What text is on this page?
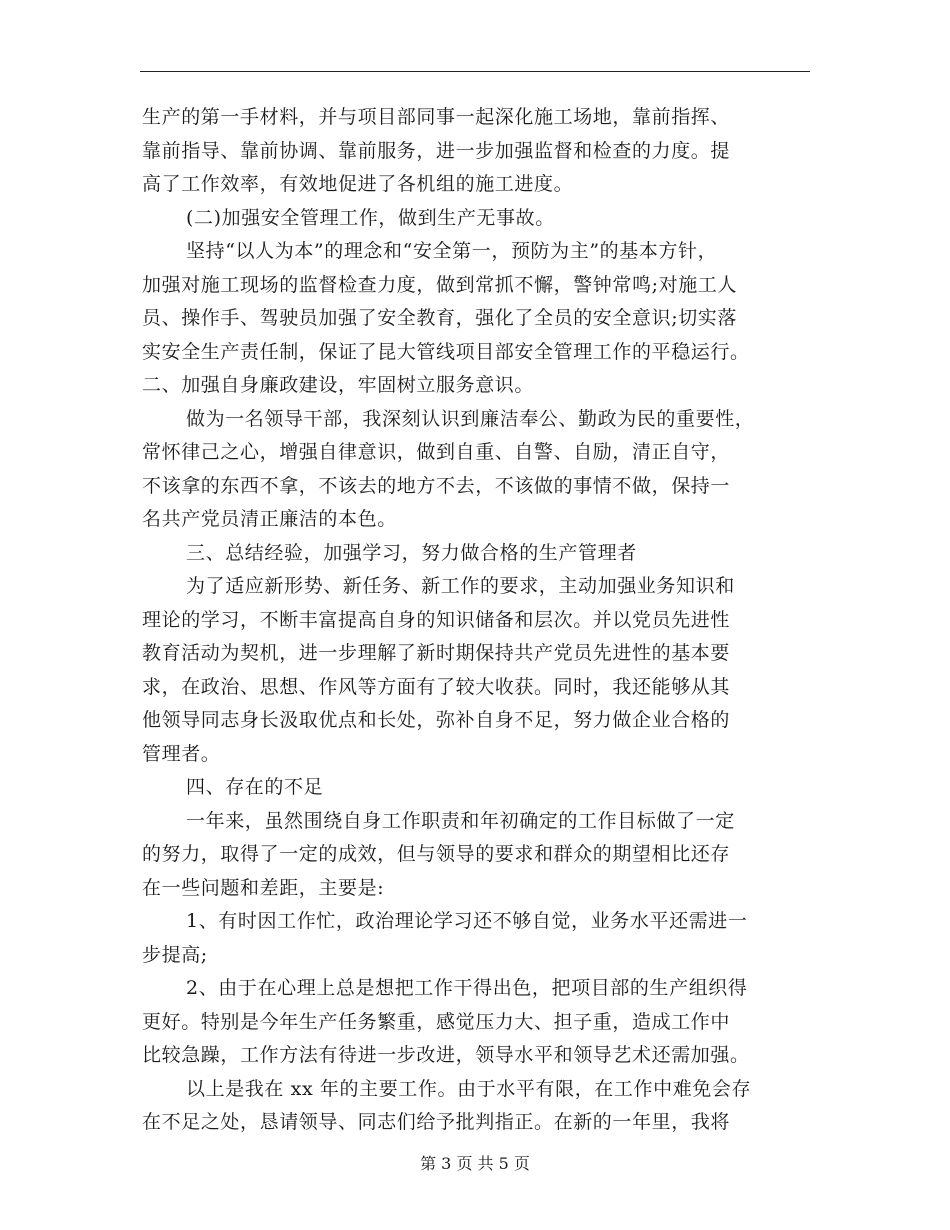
生产的第一手材料，并与项目部同事一起深化施工场地，靠前指挥、
靠前指导、靠前协调、靠前服务，进一步加强监督和检查的力度。提
高了工作效率，有效地促进了各机组的施工进度。
(二)加强安全管理工作，做到生产无事故。
坚持“以人为本”的理念和“安全第一，预防为主”的基本方针，
加强对施工现场的监督检查力度，做到常抓不懈，警钟常鸣;对施工人
员、操作手、驾驶员加强了安全教育，强化了全员的安全意识;切实落
实安全生产责任制，保证了昆大管线项目部安全管理工作的平稳运行。
二、加强自身廉政建设，牢固树立服务意识。
做为一名领导干部，我深刻认识到廉洁奉公、勤政为民的重要性，
常怀律己之心，增强自律意识，做到自重、自警、自励，清正自守，
不该拿的东西不拿，不该去的地方不去，不该做的事情不做，保持一
名共产党员清正廉洁的本色。
三、总结经验，加强学习，努力做合格的生产管理者
为了适应新形势、新任务、新工作的要求，主动加强业务知识和
理论的学习，不断丰富提高自身的知识储备和层次。并以党员先进性
教育活动为契机，进一步理解了新时期保持共产党员先进性的基本要
求，在政治、思想、作风等方面有了较大收获。同时，我还能够从其
他领导同志身长汲取优点和长处，弥补自身不足，努力做企业合格的
管理者。
四、存在的不足
一年来，虽然围绕自身工作职责和年初确定的工作目标做了一定
的努力，取得了一定的成效，但与领导的要求和群众的期望相比还存
在一些问题和差距，主要是:
1、有时因工作忙，政治理论学习还不够自觉，业务水平还需进一
步提高;
2、由于在心理上总是想把工作干得出色，把项目部的生产组织得
更好。特别是今年生产任务繁重，感觉压力大、担子重，造成工作中
比较急躁，工作方法有待进一步改进，领导水平和领导艺术还需加强。
以上是我在 xx 年的主要工作。由于水平有限，在工作中难免会存
在不足之处，恳请领导、同志们给予批判指正。在新的一年里，我将
第 3 页 共 5 页
